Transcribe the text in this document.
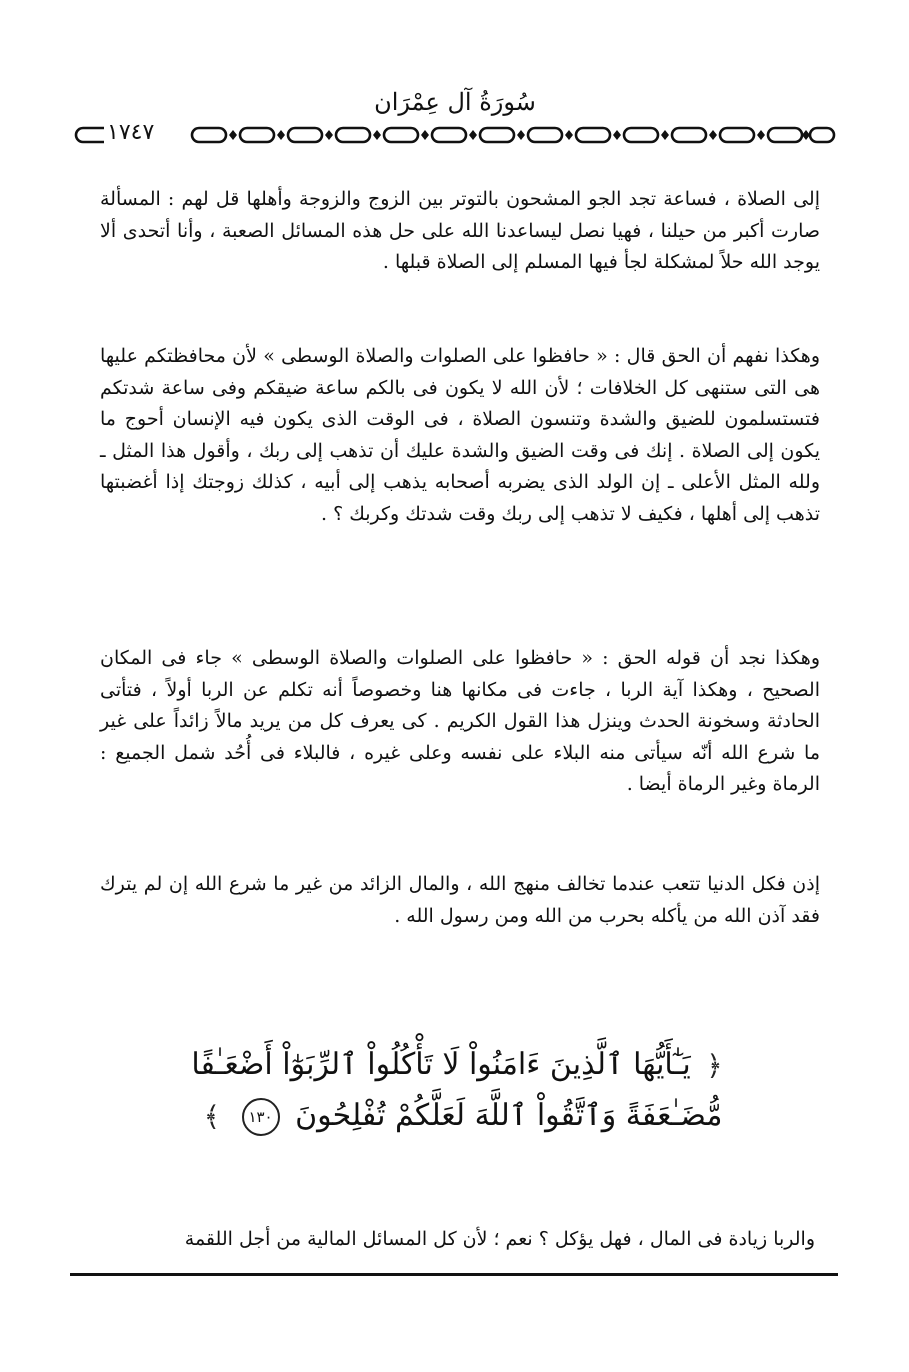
سُورَةُ آل عِمْرَان
١٧٤٧

إلى الصلاة ، فساعة تجد الجو المشحون بالتوتر بين الزوج والزوجة وأهلها قل لهم : المسألة صارت أكبر من حيلنا ، فهيا نصل ليساعدنا الله على حل هذه المسائل الصعبة ، وأنا أتحدى ألا يوجد الله حلاً لمشكلة لجأ فيها المسلم إلى الصلاة قبلها .

وهكذا نفهم أن الحق قال : « حافظوا على الصلوات والصلاة الوسطى » لأن محافظتكم عليها هى التى ستنهى كل الخلافات ؛ لأن الله لا يكون فى بالكم ساعة ضيقكم وفى ساعة شدتكم فتستسلمون للضيق والشدة وتنسون الصلاة ، فى الوقت الذى يكون فيه الإنسان أحوج ما يكون إلى الصلاة . إنك فى وقت الضيق والشدة عليك أن تذهب إلى ربك ، وأقول هذا المثل ـ ولله المثل الأعلى ـ إن الولد الذى يضربه أصحابه يذهب إلى أبيه ، كذلك زوجتك إذا أغضبتها تذهب إلى أهلها ، فكيف لا تذهب إلى ربك وقت شدتك وكربك ؟ .

وهكذا نجد أن قوله الحق : « حافظوا على الصلوات والصلاة الوسطى » جاء فى المكان الصحيح ، وهكذا آية الربا ، جاءت فى مكانها هنا وخصوصاً أنه تكلم عن الربا أولاً ، فتأتى الحادثة وسخونة الحدث وينزل هذا القول الكريم . كى يعرف كل من يريد مالاً زائداً على غير ما شرع الله أنّه سيأتى منه البلاء على نفسه وعلى غيره ، فالبلاء فى أُحُد شمل الجميع : الرماة وغير الرماة أيضا .

إذن فكل الدنيا تتعب عندما تخالف منهج الله ، والمال الزائد من غير ما شرع الله إن لم يترك فقد آذن الله من يأكله بحرب من الله ومن رسول الله .

﴿ يَـٰٓأَيُّهَا ٱلَّذِينَ ءَامَنُواْ لَا تَأْكُلُواْ ٱلرِّبَوٰٓاْ أَضْعَـٰفًا
مُّضَـٰعَفَةً وَٱتَّقُواْ ٱللَّهَ لَعَلَّكُمْ تُفْلِحُونَ ١٣٠ ﴾

والربا زيادة فى المال ، فهل يؤكل ؟ نعم ؛ لأن كل المسائل المالية من أجل اللقمة
